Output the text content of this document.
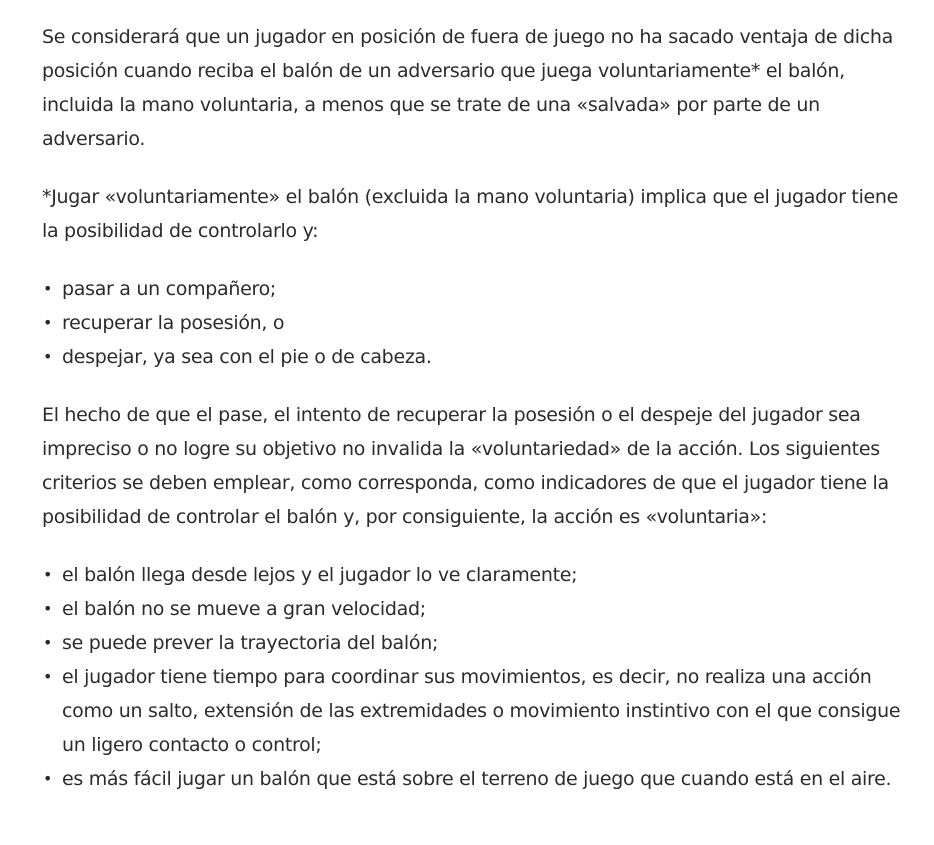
Se considerará que un jugador en posición de fuera de juego no ha sacado ventaja de dicha posición cuando reciba el balón de un adversario que juega voluntariamente* el balón, incluida la mano voluntaria, a menos que se trate de una «salvada» por parte de un adversario.

*Jugar «voluntariamente» el balón (excluida la mano voluntaria) implica que el jugador tiene la posibilidad de controlarlo y:

• pasar a un compañero;
• recuperar la posesión, o
• despejar, ya sea con el pie o de cabeza.

El hecho de que el pase, el intento de recuperar la posesión o el despeje del jugador sea impreciso o no logre su objetivo no invalida la «voluntariedad» de la acción. Los siguientes criterios se deben emplear, como corresponda, como indicadores de que el jugador tiene la posibilidad de controlar el balón y, por consiguiente, la acción es «voluntaria»:

• el balón llega desde lejos y el jugador lo ve claramente;
• el balón no se mueve a gran velocidad;
• se puede prever la trayectoria del balón;
• el jugador tiene tiempo para coordinar sus movimientos, es decir, no realiza una acción como un salto, extensión de las extremidades o movimiento instintivo con el que consigue un ligero contacto o control;
• es más fácil jugar un balón que está sobre el terreno de juego que cuando está en el aire.
